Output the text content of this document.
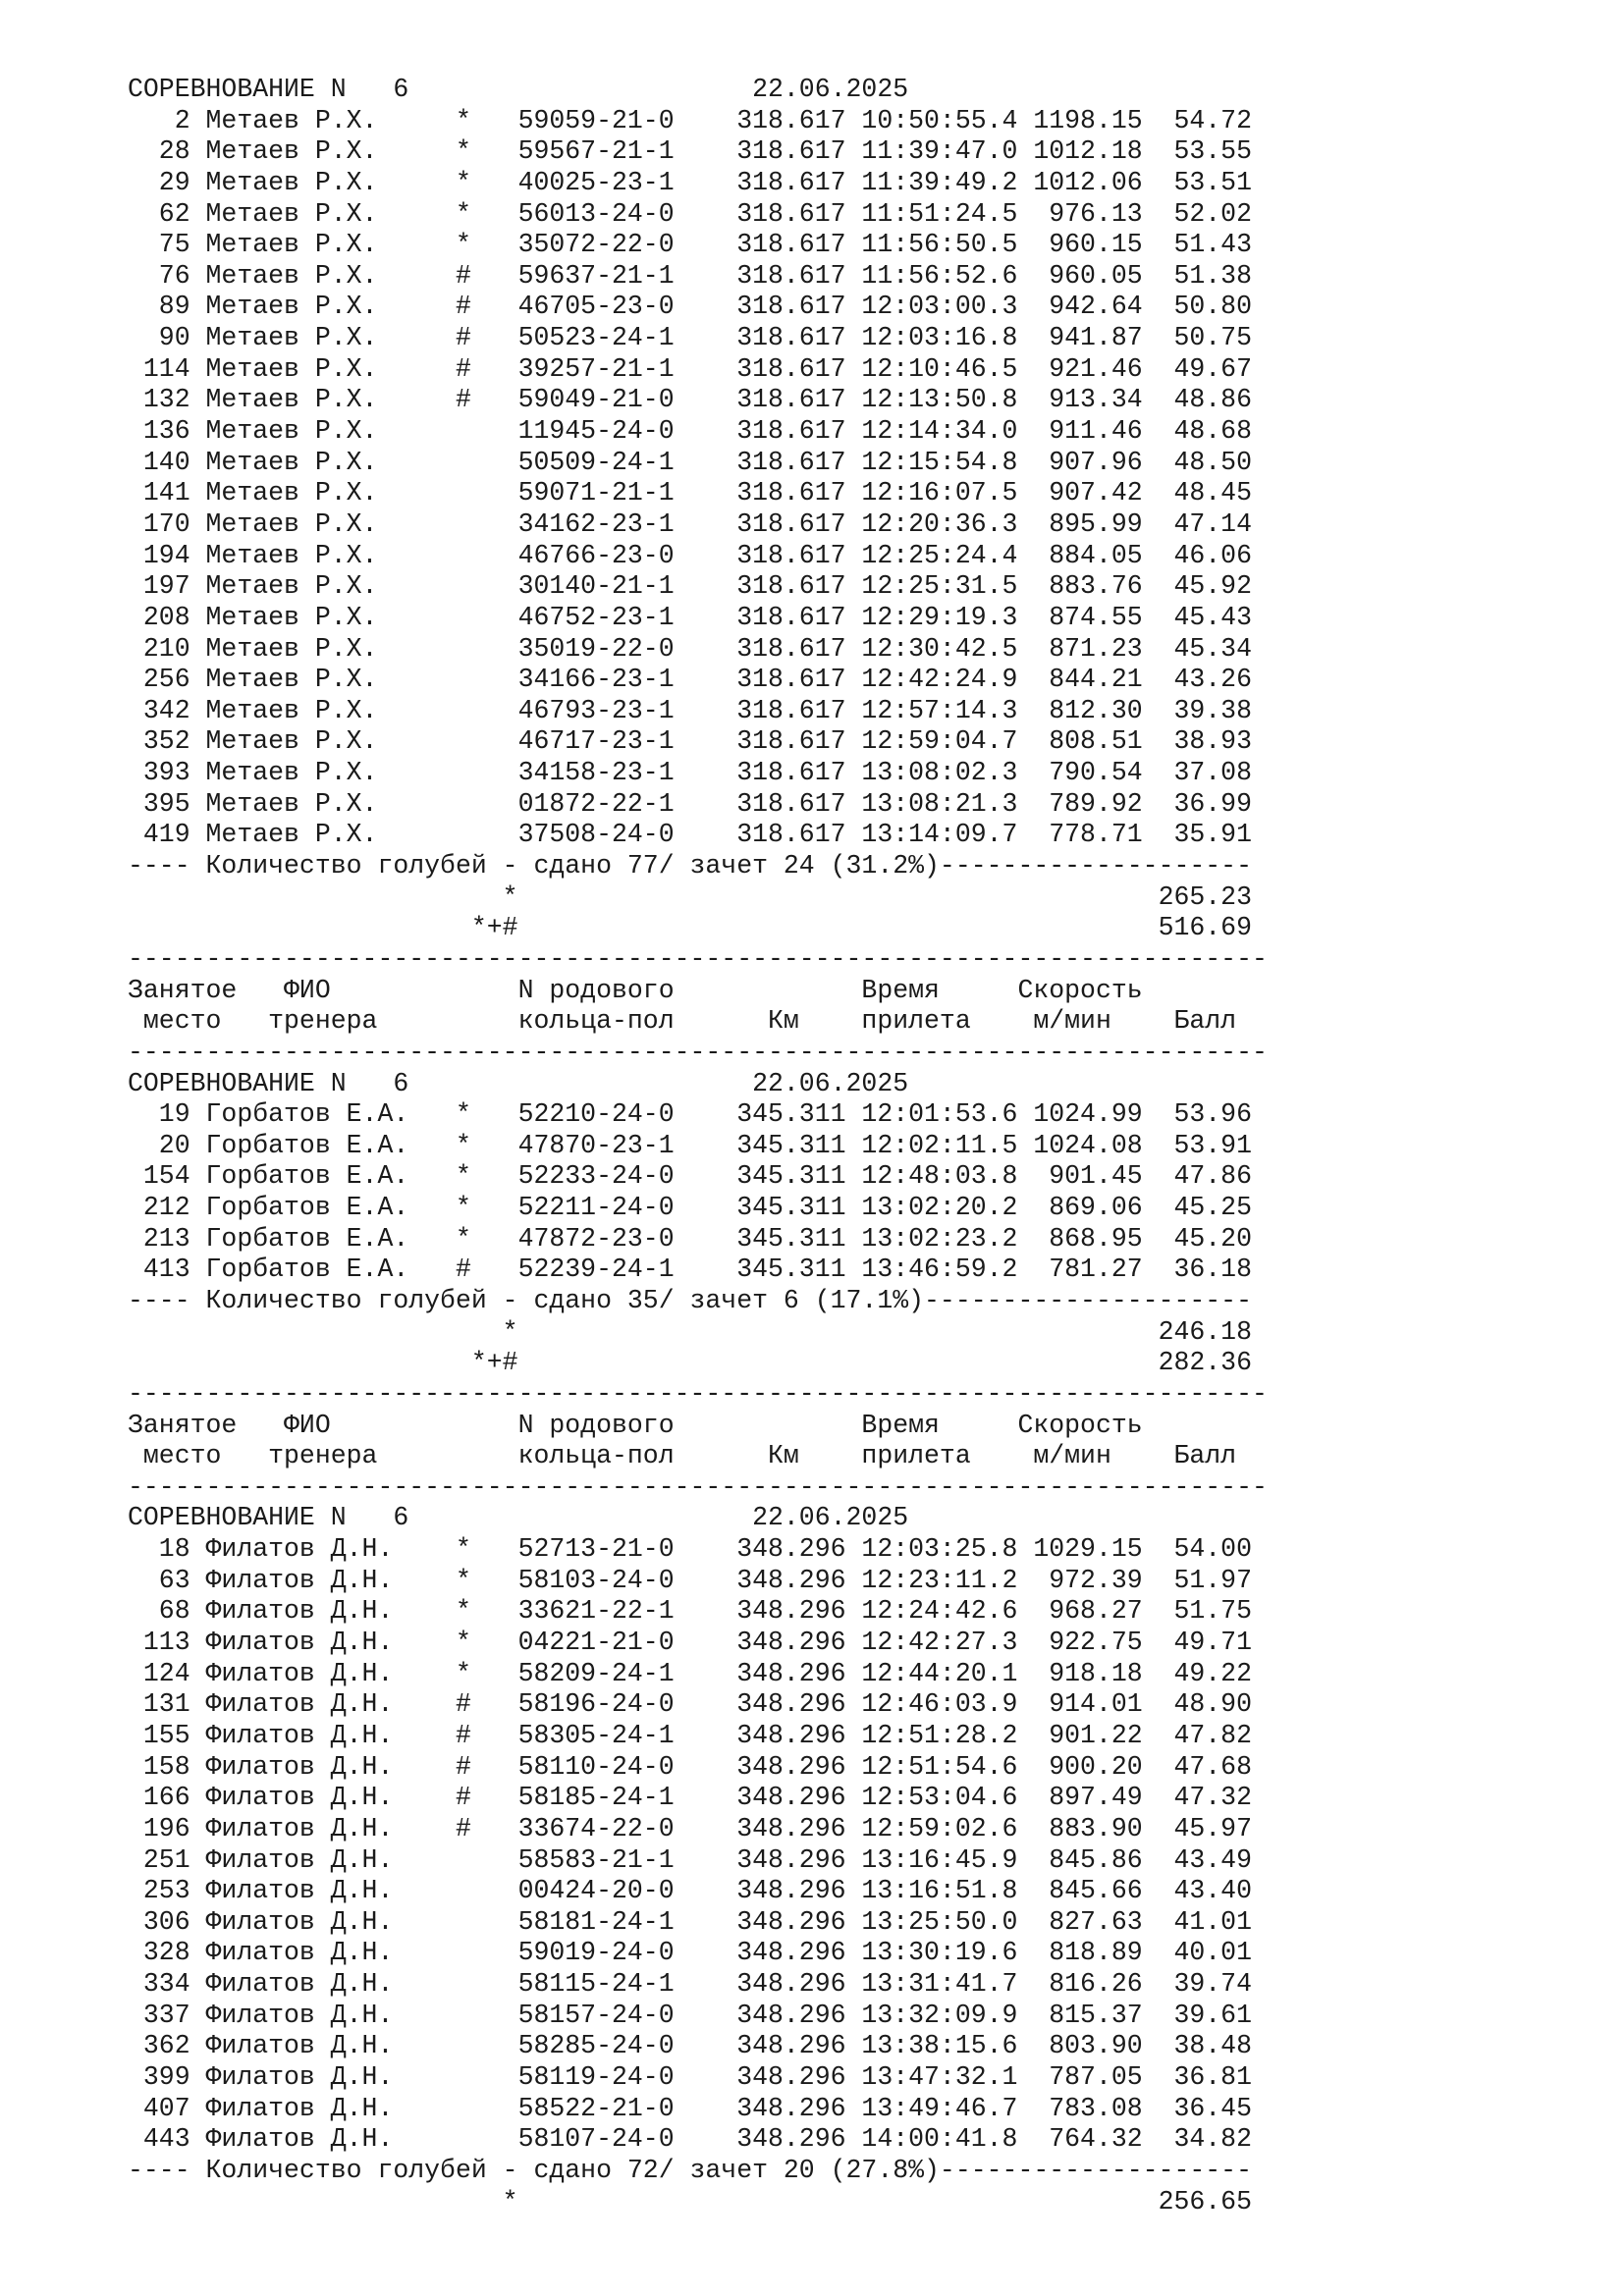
СОРЕВНОВАНИЕ N   6                      22.06.2025
2 Метаев Р.Х.     *   59059-21-0    318.617 10:50:55.4 1198.15  54.72
28 Метаев Р.Х.     *   59567-21-1    318.617 11:39:47.0 1012.18  53.55
29 Метаев Р.Х.     *   40025-23-1    318.617 11:39:49.2 1012.06  53.51
62 Метаев Р.Х.     *   56013-24-0    318.617 11:51:24.5  976.13  52.02
75 Метаев Р.Х.     *   35072-22-0    318.617 11:56:50.5  960.15  51.43
76 Метаев Р.Х.     #   59637-21-1    318.617 11:56:52.6  960.05  51.38
89 Метаев Р.Х.     #   46705-23-0    318.617 12:03:00.3  942.64  50.80
90 Метаев Р.Х.     #   50523-24-1    318.617 12:03:16.8  941.87  50.75
114 Метаев Р.Х.     #   39257-21-1    318.617 12:10:46.5  921.46  49.67
132 Метаев Р.Х.     #   59049-21-0    318.617 12:13:50.8  913.34  48.86
136 Метаев Р.Х.         11945-24-0    318.617 12:14:34.0  911.46  48.68
140 Метаев Р.Х.         50509-24-1    318.617 12:15:54.8  907.96  48.50
141 Метаев Р.Х.         59071-21-1    318.617 12:16:07.5  907.42  48.45
170 Метаев Р.Х.         34162-23-1    318.617 12:20:36.3  895.99  47.14
194 Метаев Р.Х.         46766-23-0    318.617 12:25:24.4  884.05  46.06
197 Метаев Р.Х.         30140-21-1    318.617 12:25:31.5  883.76  45.92
208 Метаев Р.Х.         46752-23-1    318.617 12:29:19.3  874.55  45.43
210 Метаев Р.Х.         35019-22-0    318.617 12:30:42.5  871.23  45.34
256 Метаев Р.Х.         34166-23-1    318.617 12:42:24.9  844.21  43.26
342 Метаев Р.Х.         46793-23-1    318.617 12:57:14.3  812.30  39.38
352 Метаев Р.Х.         46717-23-1    318.617 12:59:04.7  808.51  38.93
393 Метаев Р.Х.         34158-23-1    318.617 13:08:02.3  790.54  37.08
395 Метаев Р.Х.         01872-22-1    318.617 13:08:21.3  789.92  36.99
419 Метаев Р.Х.         37508-24-0    318.617 13:14:09.7  778.71  35.91
---- Количество голубей - сдано 77/ зачет 24 (31.2%)--------------------
*                                         265.23
*+#                                         516.69
-------------------------------------------------------------------------
Занятое   ФИО            N родового            Время     Скорость
место   тренера         кольца-пол      Км    прилета    м/мин    Балл
-------------------------------------------------------------------------
СОРЕВНОВАНИЕ N   6                      22.06.2025
19 Горбатов Е.А.   *   52210-24-0    345.311 12:01:53.6 1024.99  53.96
20 Горбатов Е.А.   *   47870-23-1    345.311 12:02:11.5 1024.08  53.91
154 Горбатов Е.А.   *   52233-24-0    345.311 12:48:03.8  901.45  47.86
212 Горбатов Е.А.   *   52211-24-0    345.311 13:02:20.2  869.06  45.25
213 Горбатов Е.А.   *   47872-23-0    345.311 13:02:23.2  868.95  45.20
413 Горбатов Е.А.   #   52239-24-1    345.311 13:46:59.2  781.27  36.18
---- Количество голубей - сдано 35/ зачет 6 (17.1%)---------------------
*                                         246.18
*+#                                         282.36
-------------------------------------------------------------------------
Занятое   ФИО            N родового            Время     Скорость
место   тренера         кольца-пол      Км    прилета    м/мин    Балл
-------------------------------------------------------------------------
СОРЕВНОВАНИЕ N   6                      22.06.2025
18 Филатов Д.Н.    *   52713-21-0    348.296 12:03:25.8 1029.15  54.00
63 Филатов Д.Н.    *   58103-24-0    348.296 12:23:11.2  972.39  51.97
68 Филатов Д.Н.    *   33621-22-1    348.296 12:24:42.6  968.27  51.75
113 Филатов Д.Н.    *   04221-21-0    348.296 12:42:27.3  922.75  49.71
124 Филатов Д.Н.    *   58209-24-1    348.296 12:44:20.1  918.18  49.22
131 Филатов Д.Н.    #   58196-24-0    348.296 12:46:03.9  914.01  48.90
155 Филатов Д.Н.    #   58305-24-1    348.296 12:51:28.2  901.22  47.82
158 Филатов Д.Н.    #   58110-24-0    348.296 12:51:54.6  900.20  47.68
166 Филатов Д.Н.    #   58185-24-1    348.296 12:53:04.6  897.49  47.32
196 Филатов Д.Н.    #   33674-22-0    348.296 12:59:02.6  883.90  45.97
251 Филатов Д.Н.        58583-21-1    348.296 13:16:45.9  845.86  43.49
253 Филатов Д.Н.        00424-20-0    348.296 13:16:51.8  845.66  43.40
306 Филатов Д.Н.        58181-24-1    348.296 13:25:50.0  827.63  41.01
328 Филатов Д.Н.        59019-24-0    348.296 13:30:19.6  818.89  40.01
334 Филатов Д.Н.        58115-24-1    348.296 13:31:41.7  816.26  39.74
337 Филатов Д.Н.        58157-24-0    348.296 13:32:09.9  815.37  39.61
362 Филатов Д.Н.        58285-24-0    348.296 13:38:15.6  803.90  38.48
399 Филатов Д.Н.        58119-24-0    348.296 13:47:32.1  787.05  36.81
407 Филатов Д.Н.        58522-21-0    348.296 13:49:46.7  783.08  36.45
443 Филатов Д.Н.        58107-24-0    348.296 14:00:41.8  764.32  34.82
---- Количество голубей - сдано 72/ зачет 20 (27.8%)--------------------
*                                         256.65
